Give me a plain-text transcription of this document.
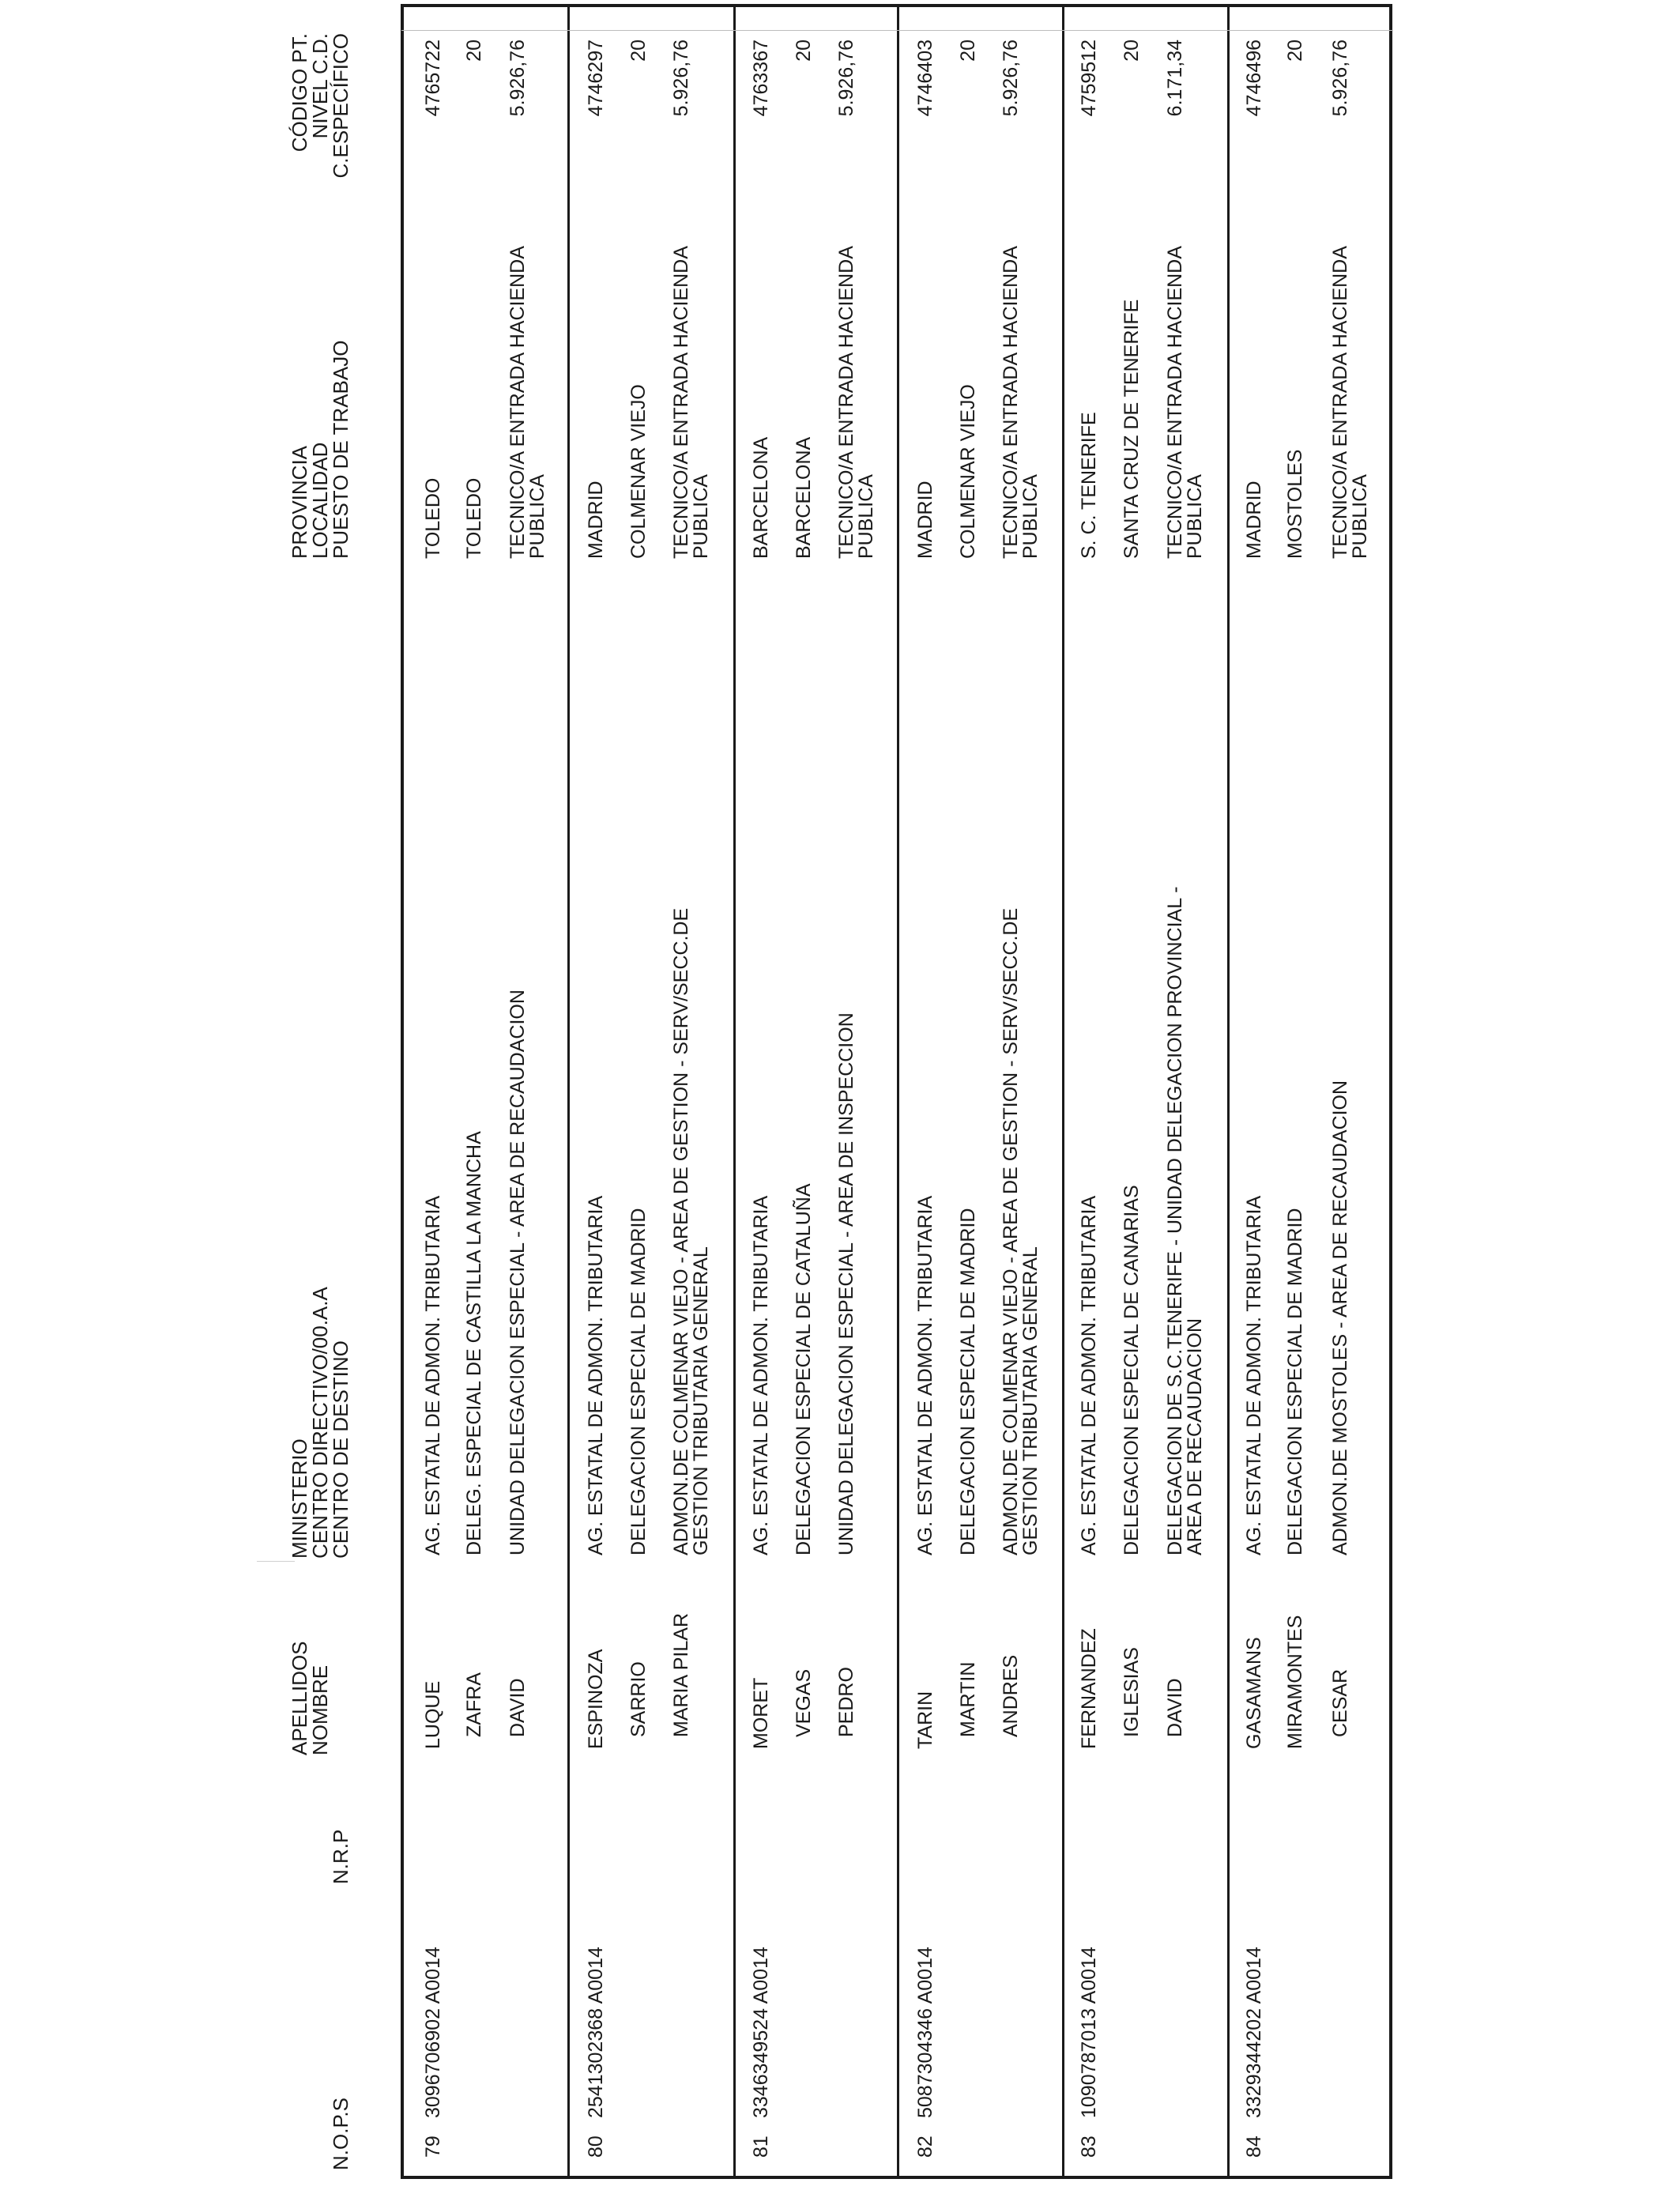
N.O.P.S
N.R.P
APELLIDOS
NOMBRE
MINISTERIO
CENTRO DIRECTIVO/00.A.A
CENTRO DE DESTINO
PROVINCIA
LOCALIDAD
PUESTO DE TRABAJO
CÓDIGO PT.
NIVEL C.D.
C.ESPECÍFICO
79
3096706902 A0014
LUQUE ZAFRA DAVID
AG. ESTATAL DE ADMON. TRIBUTARIA DELEG. ESPECIAL DE CASTILLA LA MANCHA UNIDAD DELEGACION ESPECIAL - AREA DE RECAUDACION
TOLEDO TOLEDO TECNICO/A ENTRADA HACIENDA
PUBLICA
4765722 20 5.926,76
80
2541302368 A0014
ESPINOZA SARRIO MARIA PILAR
AG. ESTATAL DE ADMON. TRIBUTARIA DELEGACION ESPECIAL DE MADRID ADMON.DE COLMENAR VIEJO - AREA DE GESTION - SERV/SECC.DE
GESTION TRIBUTARIA GENERAL
MADRID COLMENAR VIEJO TECNICO/A ENTRADA HACIENDA
PUBLICA
4746297 20 5.926,76
81
3346349524 A0014
MORET VEGAS PEDRO
AG. ESTATAL DE ADMON. TRIBUTARIA DELEGACION ESPECIAL DE CATALUÑA UNIDAD DELEGACION ESPECIAL - AREA DE INSPECCION
BARCELONA BARCELONA TECNICO/A ENTRADA HACIENDA
PUBLICA
4763367 20 5.926,76
82
5087304346 A0014
TARIN MARTIN ANDRES
AG. ESTATAL DE ADMON. TRIBUTARIA DELEGACION ESPECIAL DE MADRID ADMON.DE COLMENAR VIEJO - AREA DE GESTION - SERV/SECC.DE
GESTION TRIBUTARIA GENERAL
MADRID COLMENAR VIEJO TECNICO/A ENTRADA HACIENDA
PUBLICA
4746403 20 5.926,76
83
1090787013 A0014
FERNANDEZ IGLESIAS DAVID
AG. ESTATAL DE ADMON. TRIBUTARIA DELEGACION ESPECIAL DE CANARIAS DELEGACION DE S.C.TENERIFE - UNIDAD DELEGACION PROVINCIAL -
AREA DE RECAUDACION
S. C. TENERIFE SANTA CRUZ DE TENERIFE TECNICO/A ENTRADA HACIENDA
PUBLICA
4759512 20 6.171,34
84
3329344202 A0014
GASAMANS MIRAMONTES CESAR
AG. ESTATAL DE ADMON. TRIBUTARIA DELEGACION ESPECIAL DE MADRID ADMON.DE MOSTOLES - AREA DE RECAUDACION
MADRID MOSTOLES TECNICO/A ENTRADA HACIENDA
PUBLICA
4746496 20 5.926,76
